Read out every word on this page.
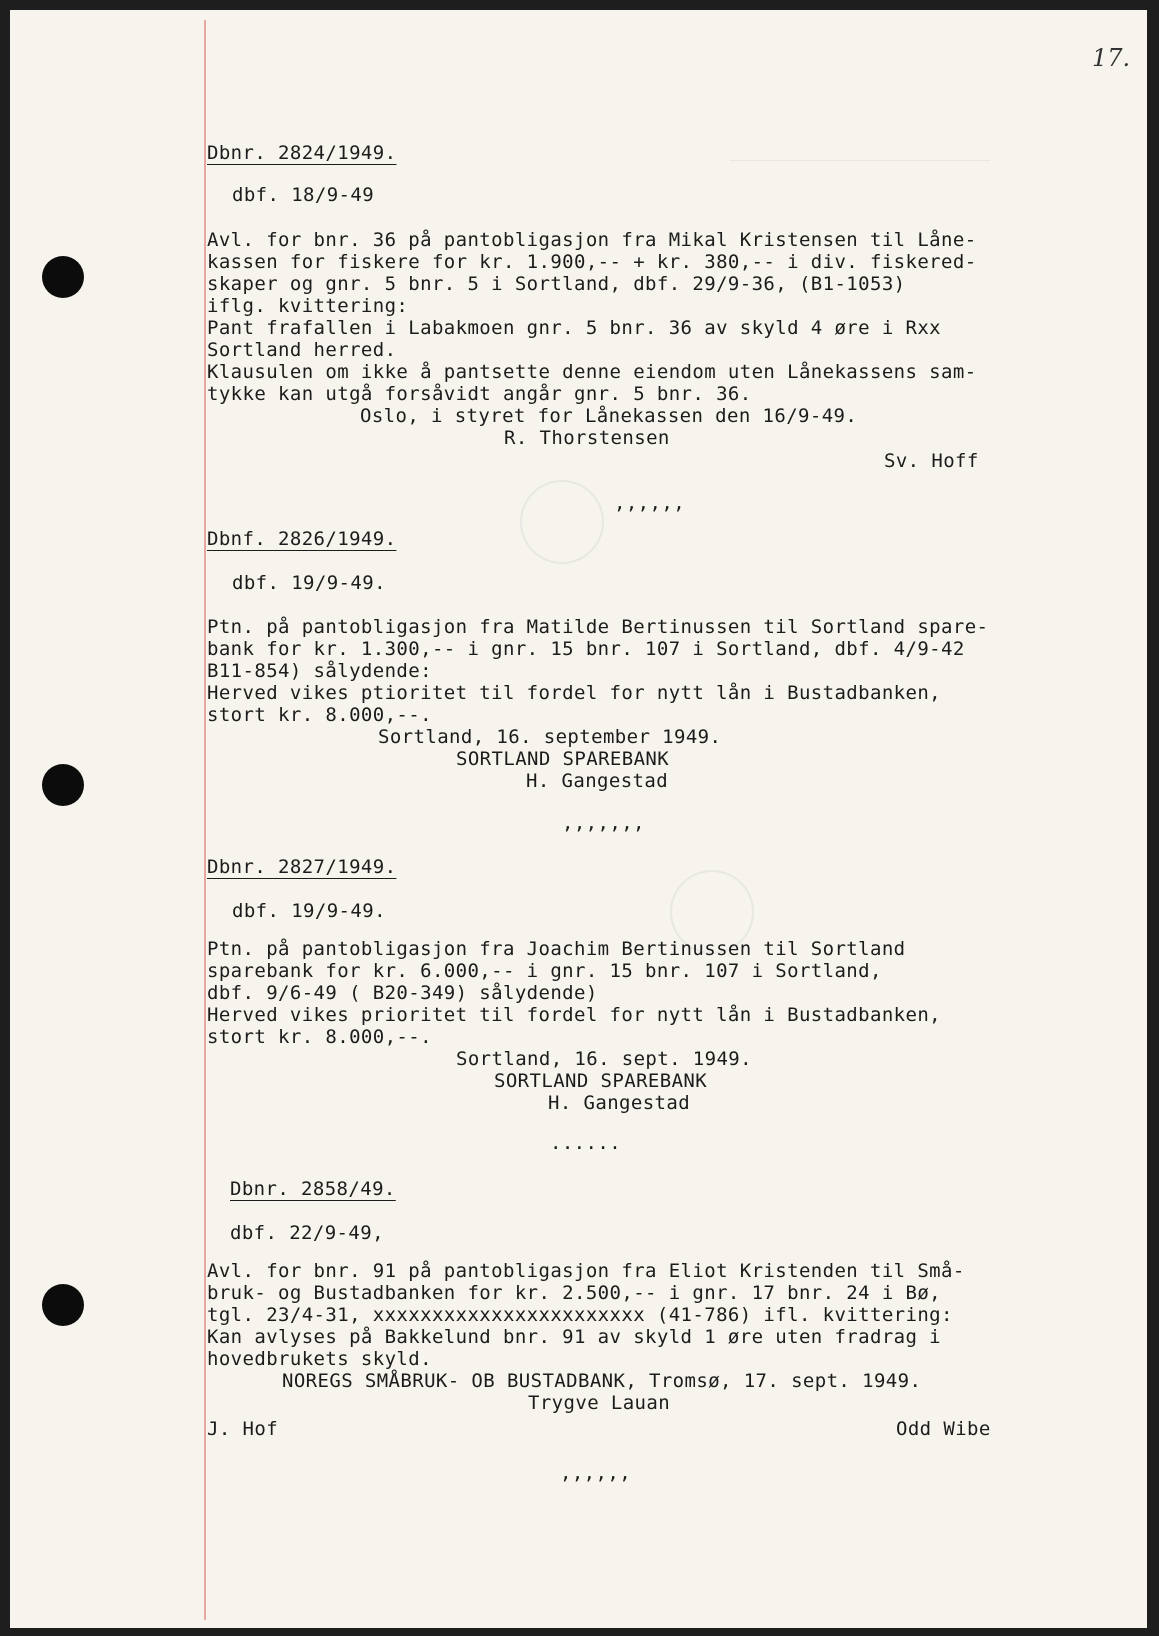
17.
Dbnr. 2824/1949.
dbf. 18/9-49
Avl. for bnr. 36 på pantobligasjon fra Mikal Kristensen til Låne-
kassen for fiskere for kr. 1.900,-- + kr. 380,-- i div. fiskered-
skaper og gnr. 5 bnr. 5 i Sortland, dbf. 29/9-36, (B1-1053)
iflg. kvittering:
Pant frafallen i Labakmoen gnr. 5 bnr. 36 av skyld 4 øre i Rxx
Sortland herred.
Klausulen om ikke å pantsette denne eiendom uten Lånekassens sam-
tykke kan utgå forsåvidt angår gnr. 5 bnr. 36.
Oslo, i styret for Lånekassen den 16/9-49.
R. Thorstensen
Sv. Hoff
,,,,,,
Dbnf. 2826/1949.
dbf. 19/9-49.
Ptn. på pantobligasjon fra Matilde Bertinussen til Sortland spare-
bank for kr. 1.300,-- i gnr. 15 bnr. 107 i Sortland, dbf. 4/9-42
B11-854) sålydende:
Herved vikes ptioritet til fordel for nytt lån i Bustadbanken,
stort kr. 8.000,--.
Sortland, 16. september 1949.
SORTLAND SPAREBANK
H. Gangestad
,,,,,,,
Dbnr. 2827/1949.
dbf. 19/9-49.
Ptn. på pantobligasjon fra Joachim Bertinussen til Sortland
sparebank for kr. 6.000,-- i gnr. 15 bnr. 107 i Sortland,
dbf. 9/6-49 ( B20-349) sålydende)
Herved vikes prioritet til fordel for nytt lån i Bustadbanken,
stort kr. 8.000,--.
Sortland, 16. sept. 1949.
SORTLAND SPAREBANK
H. Gangestad
......
Dbnr. 2858/49.
dbf. 22/9-49,
Avl. for bnr. 91 på pantobligasjon fra Eliot Kristenden til Små-
bruk- og Bustadbanken for kr. 2.500,-- i gnr. 17 bnr. 24 i Bø,
tgl. 23/4-31, xxxxxxxxxxxxxxxxxxxxxxx (41-786) ifl. kvittering:
Kan avlyses på Bakkelund bnr. 91 av skyld 1 øre uten fradrag i
hovedbrukets skyld.
NOREGS SMÅBRUK- OB BUSTADBANK, Tromsø, 17. sept. 1949.
Trygve Lauan
J. Hof	Odd Wibe
,,,,,,
